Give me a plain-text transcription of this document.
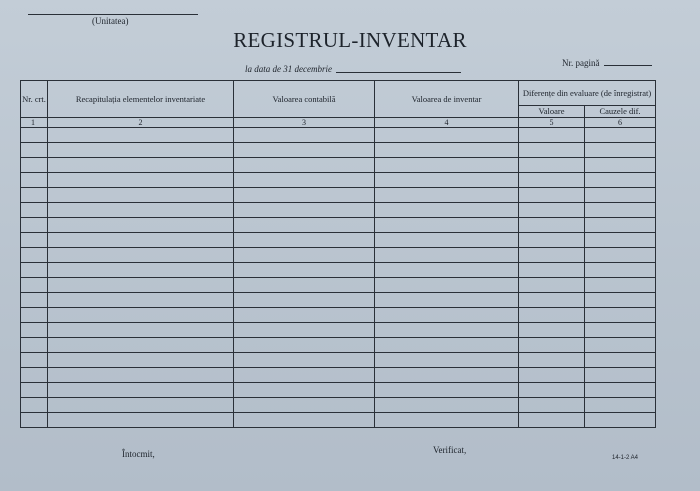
(Unitatea)
REGISTRUL-INVENTAR
la data de 31 decembrie
Nr. pagină
Nr. crt.	Recapitulația elementelor inventariate	Valoarea contabilă	Valoarea de inventar	Diferențe din evaluare (de înregistrat)	
				Valoare	Cauzele dif.
1	2	3	4	5	6

Întocmit,	Verificat,
14-1-2 A4
